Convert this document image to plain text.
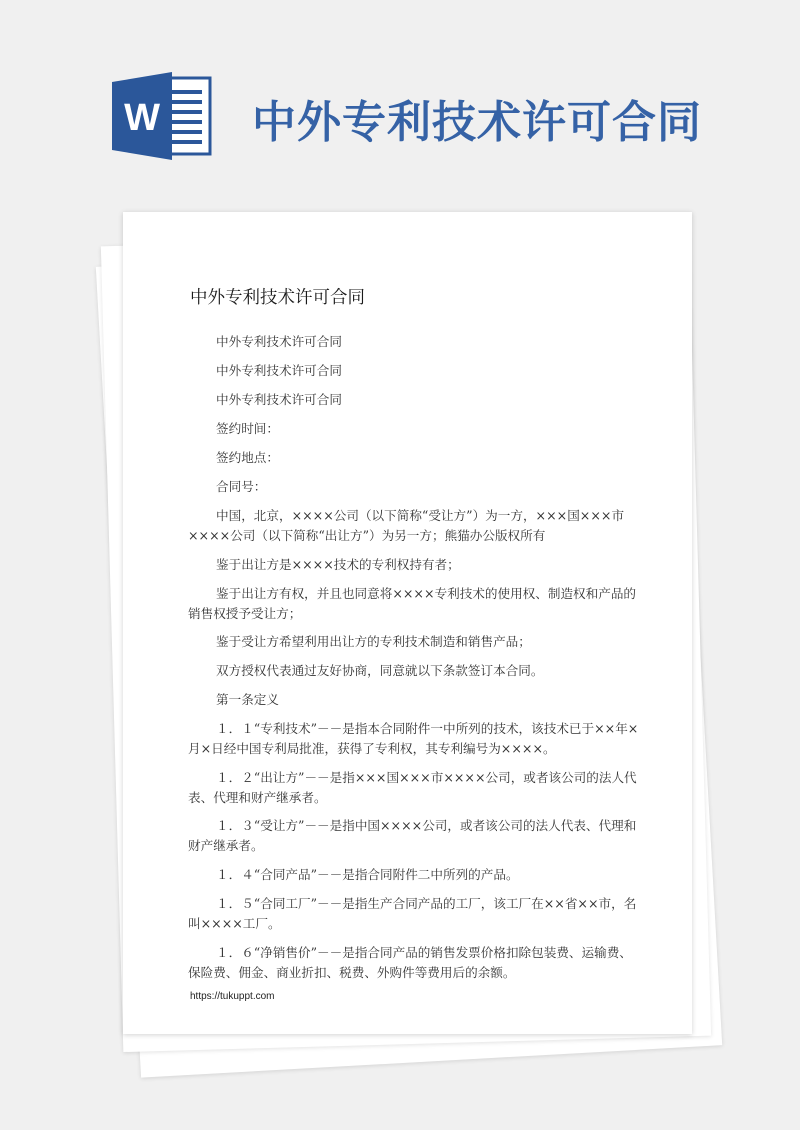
W 中外专利技术许可合同
中外专利技术许可合同

中外专利技术许可合同

中外专利技术许可合同

中外专利技术许可合同

签约时间：

签约地点：

合同号：

中国，北京，××××公司（以下简称“受让方”）为一方，×××国×××市××××公司（以下简称“出让方”）为另一方；熊猫办公版权所有

鉴于出让方是××××技术的专利权持有者；

鉴于出让方有权，并且也同意将××××专利技术的使用权、制造权和产品的销售权授予受让方；

鉴于受让方希望利用出让方的专利技术制造和销售产品；

双方授权代表通过友好协商，同意就以下条款签订本合同。

第一条定义

１．１“专利技术”－－是指本合同附件一中所列的技术，该技术已于××年×月×日经中国专利局批准，获得了专利权，其专利编号为××××。

１．２“出让方”－－是指×××国×××市××××公司，或者该公司的法人代表、代理和财产继承者。

１．３“受让方”－－是指中国××××公司，或者该公司的法人代表、代理和财产继承者。

１．４“合同产品”－－是指合同附件二中所列的产品。

１．５“合同工厂”－－是指生产合同产品的工厂，该工厂在××省××市，名叫××××工厂。

１．６“净销售价”－－是指合同产品的销售发票价格扣除包装费、运输费、保险费、佣金、商业折扣、税费、外购件等费用后的余额。

https://tukuppt.com
